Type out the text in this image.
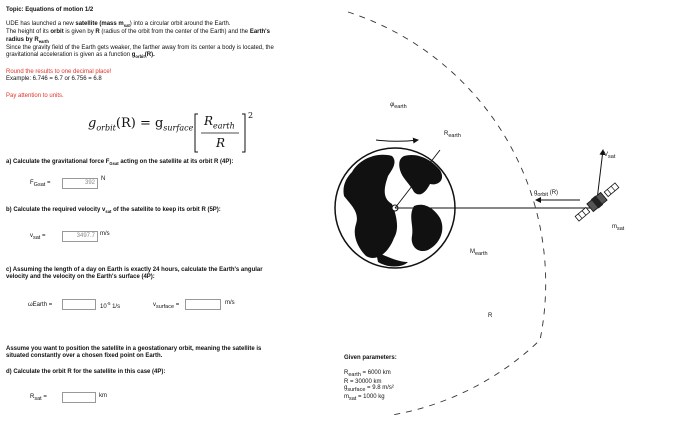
Topic: Equations of motion 1/2
UDE has launched a new satellite (mass $m_{sat}$) into a circular orbit around the Earth.
The height of its orbit is given by R (radius of the orbit from the center of the Earth) and the Earth's
radius by $R_{earth}$
Since the gravity field of the Earth gets weaker, the farther away from its center a body is located, the
gravitational acceleration is given as a function $g_{orbit}(R)$.
Round the results to one decimal place!
Example: 6.746 = 6.7 or 6.756 = 6.8
Pay attention to units.
$g_{orbit}(R) = g_{surface}$
$R_{earth}$
R
2
a) Calculate the gravitational force $F_{Gsat}$ acting on the satellite at its orbit R (4P):
$F_{Gsat}$ =	392
N
b) Calculate the required velocity $v_{sat}$ of the satellite to keep its orbit R (5P):
$v_{sat}$ =	3497.7 m/s
c) Assuming the length of a day on Earth is exactly 24 hours, calculate the Earth's angular
velocity and the velocity on the Earth's surface (4P):
ωEarth =	$10^{-5}$ 1/s	$v_{surface}$ =	m/s
Assume you want to position the satellite in a geostationary orbit, meaning the satellite is
situated constantly over a chosen fixed point on Earth.
d) Calculate the orbit R for the satellite in this case (4P):
$R_{sat}$ =	km
Given parameters:
$R_{earth} = 6000$ km
R = 30000 km
$g_{surface} = 9.8$ m/s²
$m_{sat} = 1000$ kg
$\varphi_{earth}$
$R_{earth}$
$M_{earth}$
R
$V_{sat}$
$g_{orbit}$ (R)
$m_{sat}$
